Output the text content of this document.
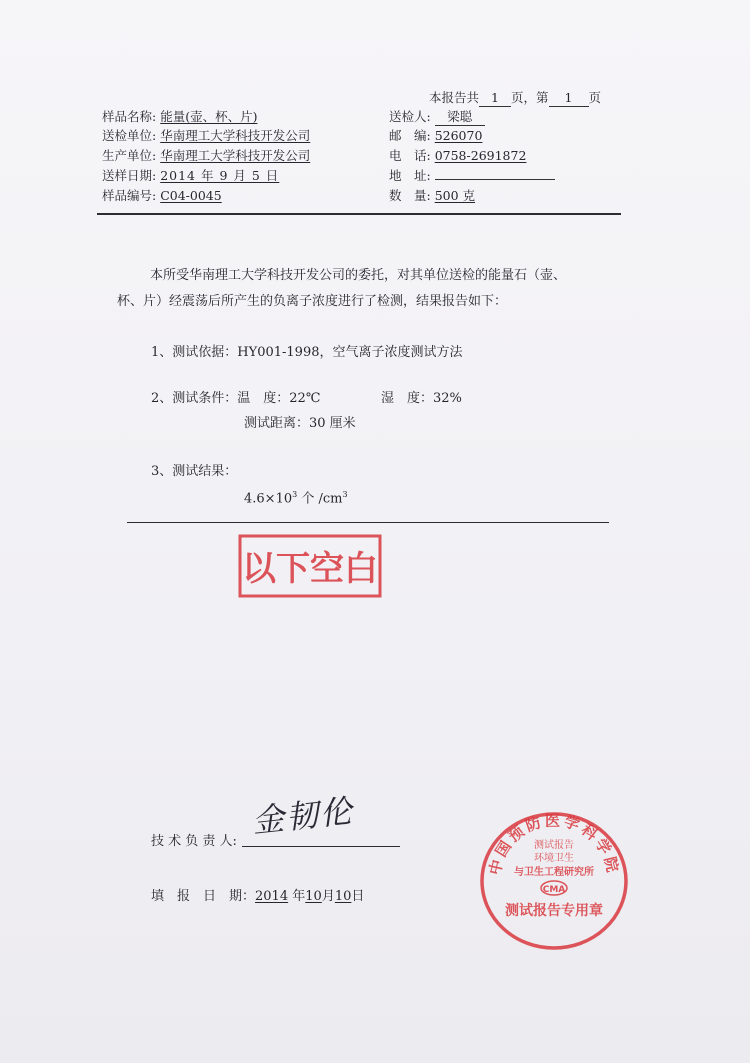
本报告共 1 页，第 1 页
样品名称: 能量(壶、杯、片)
送检单位: 华南理工大学科技开发公司
生产单位: 华南理工大学科技开发公司
送样日期: 2014 年 9 月 5 日
样品编号: C04-0045
送检人: 梁聪
邮　编: 526070
电　话: 0758-2691872
地　址:
数　量: 500 克
本所受华南理工大学科技开发公司的委托，对其单位送检的能量石（壶、
杯、片）经震荡后所产生的负离子浓度进行了检测，结果报告如下：
1、测试依据：HY001-1998，空气离子浓度测试方法
2、测试条件：温　度：22℃	湿　度：32%
测试距离：30 厘米
3、测试结果：
$4.6\times 10^3$ 个 $/cm^3$
以下空白
技 术 负 责 人:
金韧伦
填　报　日　期：2014 年10月10日
中国预防医学科学院
测试报告
环境卫生
与卫生工程研究所
CMA
测试报告专用章
